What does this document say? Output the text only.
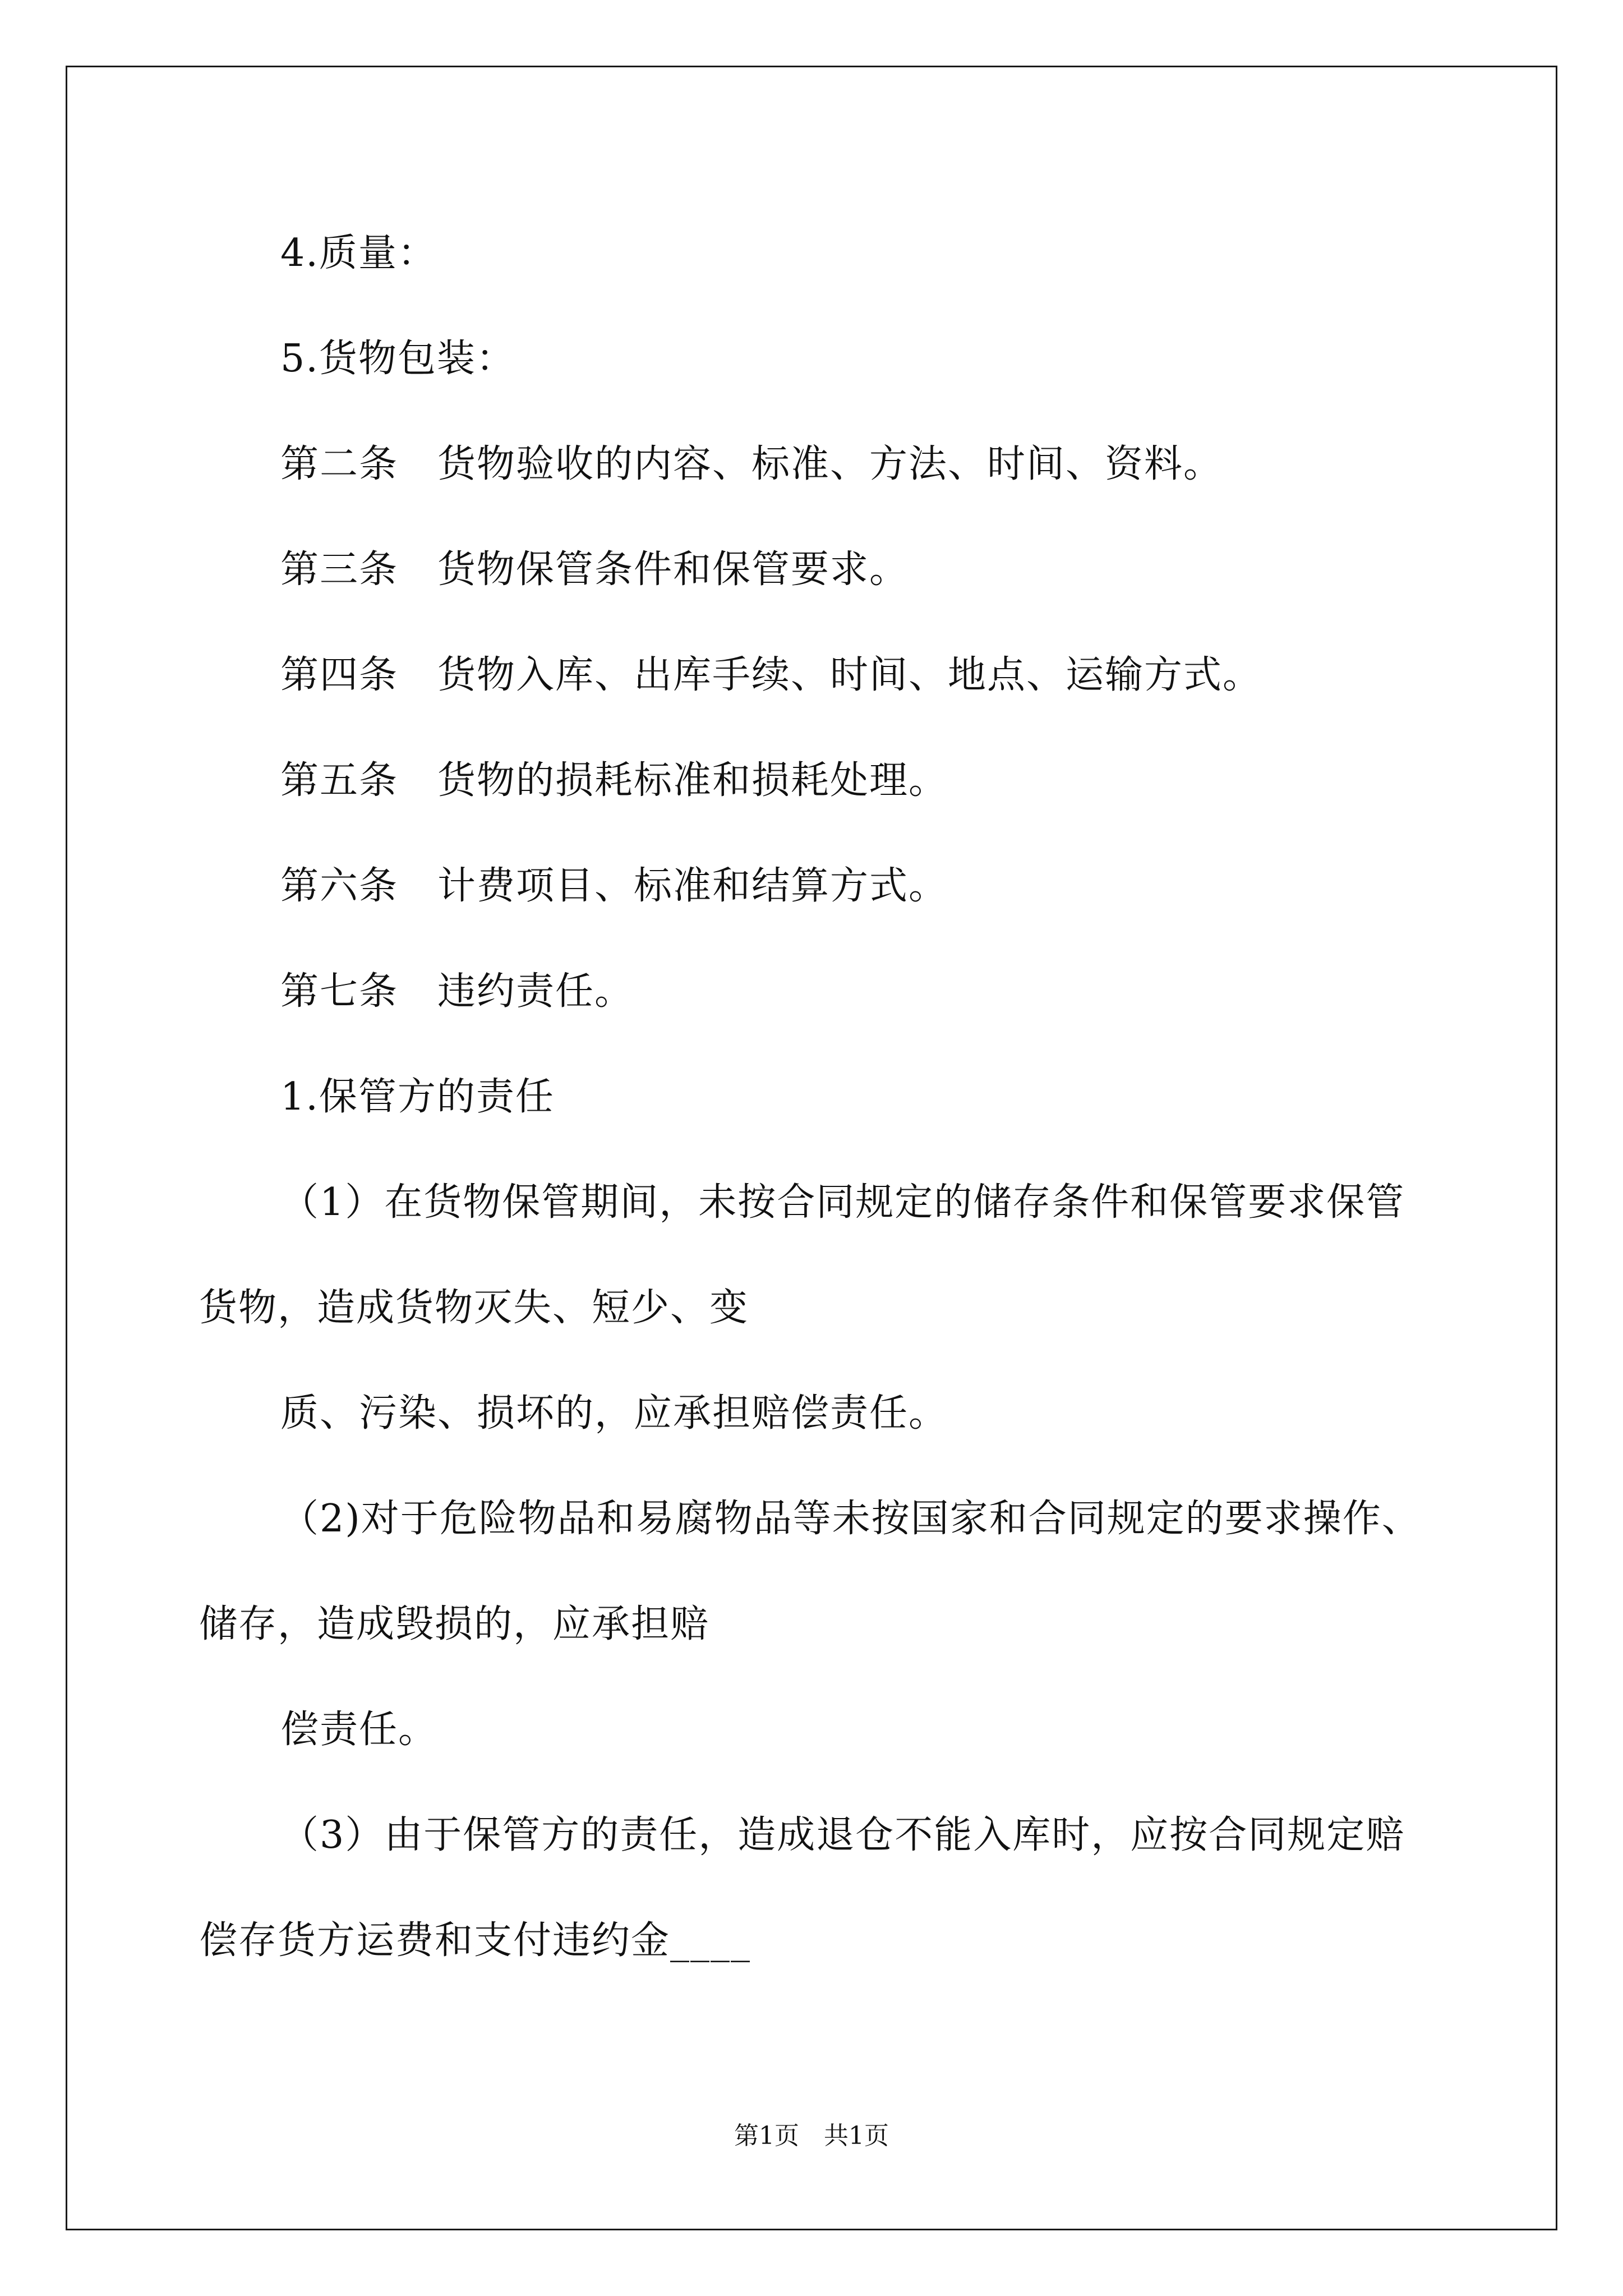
4.质量：
5.货物包装：
第二条　货物验收的内容、标准、方法、时间、资料。
第三条　货物保管条件和保管要求。
第四条　货物入库、出库手续、时间、地点、运输方式。
第五条　货物的损耗标准和损耗处理。
第六条　计费项目、标准和结算方式。
第七条　违约责任。
1.保管方的责任
（1）在货物保管期间，未按合同规定的储存条件和保管要求保管
货物，造成货物灭失、短少、变
质、污染、损坏的，应承担赔偿责任。
（2)对于危险物品和易腐物品等未按国家和合同规定的要求操作、
储存，造成毁损的，应承担赔
偿责任。
（3）由于保管方的责任，造成退仓不能入库时，应按合同规定赔
偿存货方运费和支付违约金____
第1页　共1页
